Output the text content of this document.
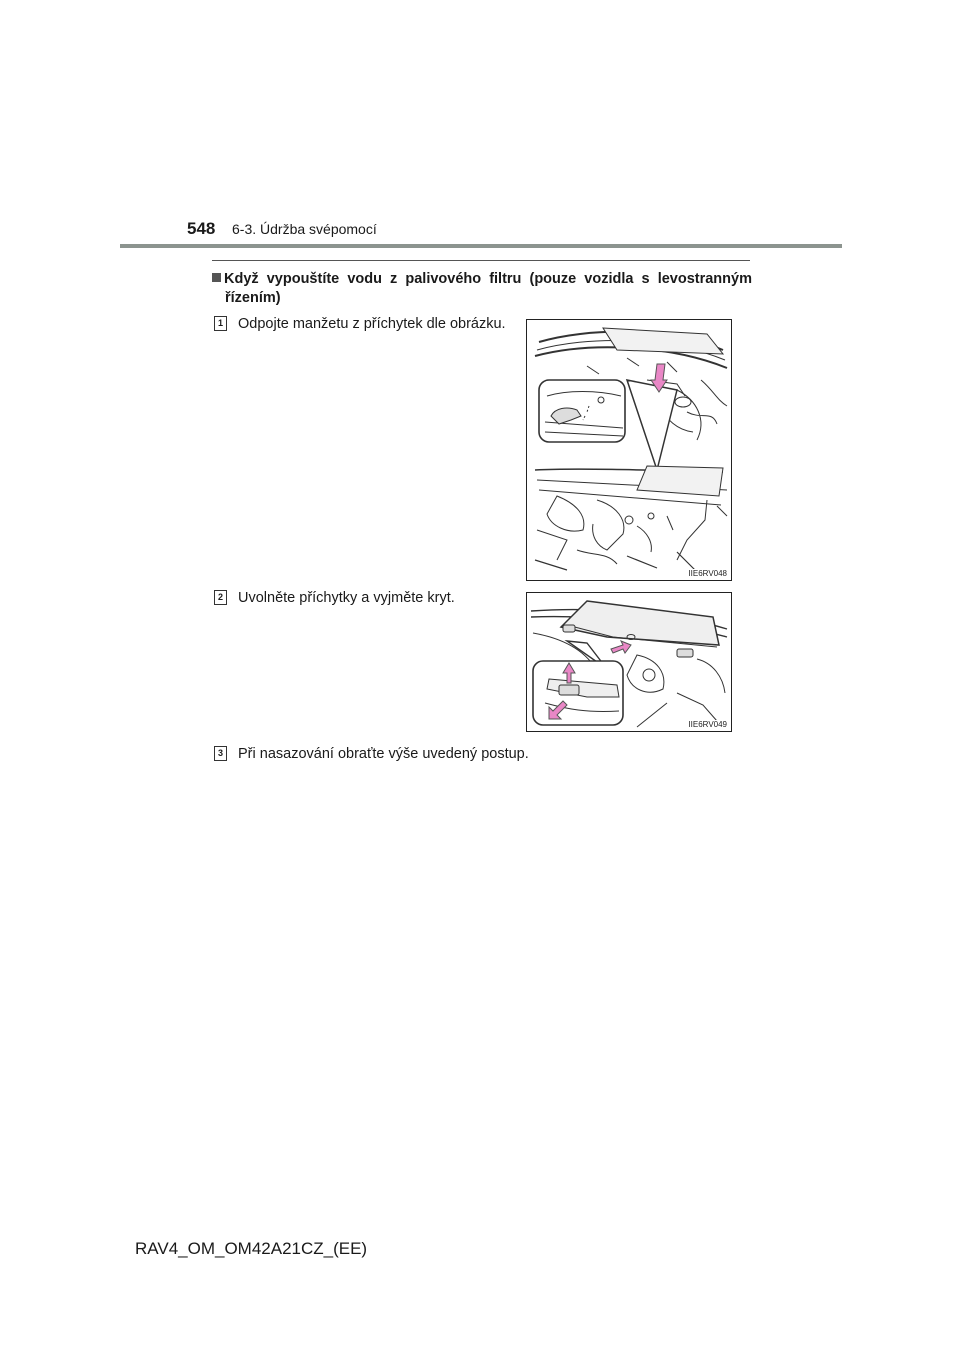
548 6-3. Údržba svépomocí
Když vypouštíte vodu z palivového filtru (pouze vozidla s levostranným
řízením)
1 Odpojte manžetu z příchytek dle obrázku.
IIE6RV048
2 Uvolněte příchytky a vyjměte kryt.
IIE6RV049
3 Při nasazování obraťte výše uvedený postup.
RAV4_OM_OM42A21CZ_(EE)
